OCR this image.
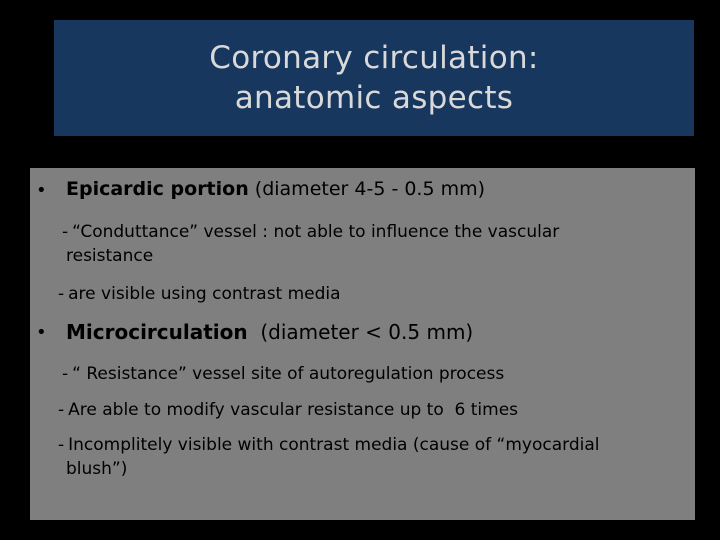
Coronary circulation:
anatomic aspects
• Epicardic portion (diameter 4-5 - 0.5 mm)
- “Conduttance” vessel : not able to influence the vascular
resistance
- are visible using contrast media
• Microcirculation  (diameter < 0.5 mm)
- “ Resistance” vessel site of autoregulation process
- Are able to modify vascular resistance up to  6 times
- Incomplitely visible with contrast media (cause of “myocardial
blush”)
